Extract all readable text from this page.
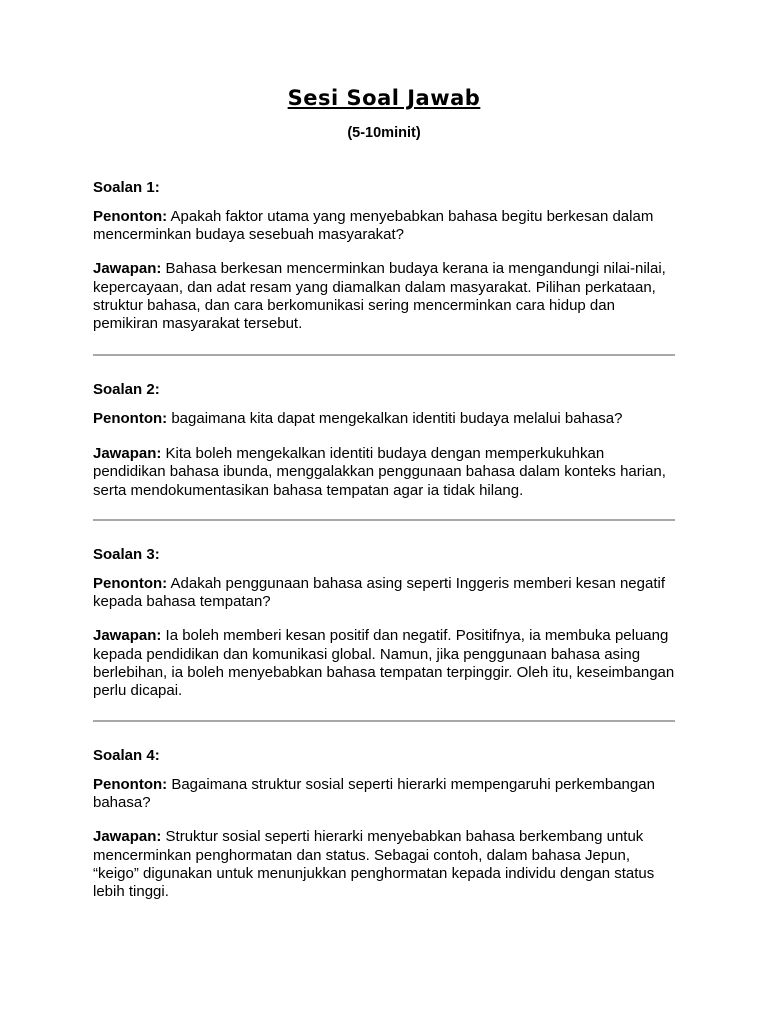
Sesi Soal Jawab
(5-10minit)

Soalan 1:

Penonton: Apakah faktor utama yang menyebabkan bahasa begitu berkesan dalam mencerminkan budaya sesebuah masyarakat?

Jawapan: Bahasa berkesan mencerminkan budaya kerana ia mengandungi nilai-nilai, kepercayaan, dan adat resam yang diamalkan dalam masyarakat. Pilihan perkataan, struktur bahasa, dan cara berkomunikasi sering mencerminkan cara hidup dan pemikiran masyarakat tersebut.

Soalan 2:

Penonton: bagaimana kita dapat mengekalkan identiti budaya melalui bahasa?

Jawapan: Kita boleh mengekalkan identiti budaya dengan memperkukuhkan pendidikan bahasa ibunda, menggalakkan penggunaan bahasa dalam konteks harian, serta mendokumentasikan bahasa tempatan agar ia tidak hilang.

Soalan 3:

Penonton: Adakah penggunaan bahasa asing seperti Inggeris memberi kesan negatif kepada bahasa tempatan?

Jawapan: Ia boleh memberi kesan positif dan negatif. Positifnya, ia membuka peluang kepada pendidikan dan komunikasi global. Namun, jika penggunaan bahasa asing berlebihan, ia boleh menyebabkan bahasa tempatan terpinggir. Oleh itu, keseimbangan perlu dicapai.

Soalan 4:

Penonton: Bagaimana struktur sosial seperti hierarki mempengaruhi perkembangan bahasa?

Jawapan: Struktur sosial seperti hierarki menyebabkan bahasa berkembang untuk mencerminkan penghormatan dan status. Sebagai contoh, dalam bahasa Jepun, “keigo” digunakan untuk menunjukkan penghormatan kepada individu dengan status lebih tinggi.
